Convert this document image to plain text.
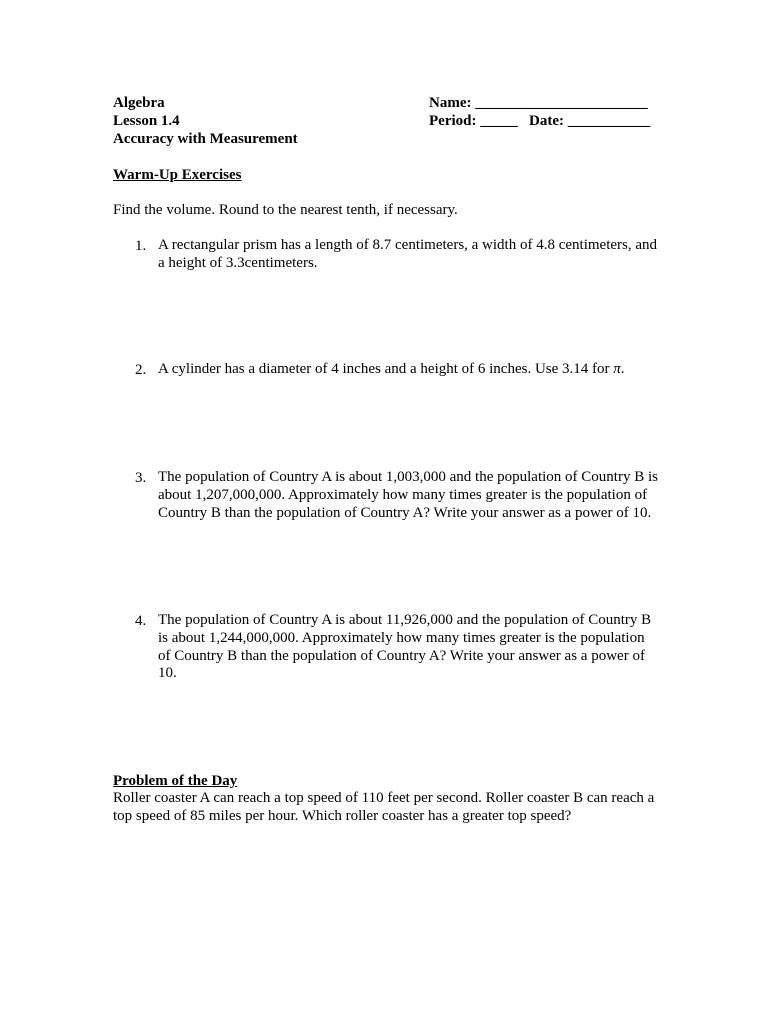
Algebra
Lesson 1.4
Accuracy with Measurement
Name: _______________________
Period: _____ Date: ___________
Warm-Up Exercises
Find the volume. Round to the nearest tenth, if necessary.
1. A rectangular prism has a length of 8.7 centimeters, a width of 4.8 centimeters, and a height of 3.3centimeters.
2. A cylinder has a diameter of 4 inches and a height of 6 inches. Use 3.14 for π.
3. The population of Country A is about 1,003,000 and the population of Country B is about 1,207,000,000. Approximately how many times greater is the population of Country B than the population of Country A? Write your answer as a power of 10.
4. The population of Country A is about 11,926,000 and the population of Country B is about 1,244,000,000. Approximately how many times greater is the population of Country B than the population of Country A? Write your answer as a power of 10.
Problem of the Day
Roller coaster A can reach a top speed of 110 feet per second. Roller coaster B can reach a top speed of 85 miles per hour. Which roller coaster has a greater top speed?
